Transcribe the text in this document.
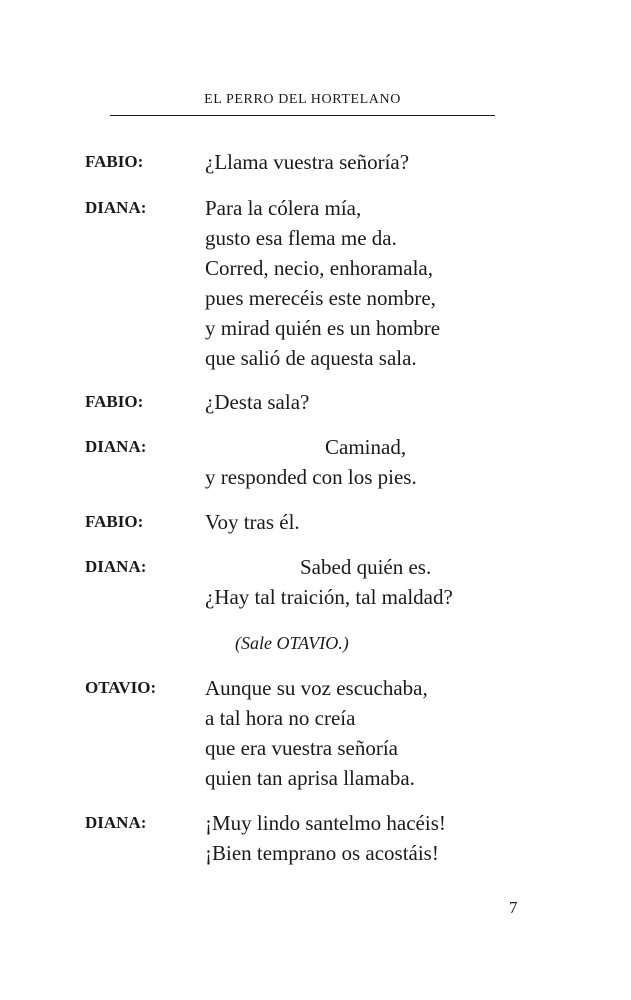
EL PERRO DEL HORTELANO
FABIO:	¿Llama vuestra señoría?
DIANA:	Para la cólera mía,
gusto esa flema me da.
Corred, necio, enhoramala,
pues merecéis este nombre,
y mirad quién es un hombre
que salió de aquesta sala.
FABIO:	¿Desta sala?
DIANA:	Caminad,
y responded con los pies.
FABIO:	Voy tras él.
DIANA:	Sabed quién es.
¿Hay tal traición, tal maldad?
(Sale OTAVIO.)
OTAVIO: Aunque su voz escuchaba,
a tal hora no creía
que era vuestra señoría
quien tan aprisa llamaba.
DIANA:	¡Muy lindo santelmo hacéis!
¡Bien temprano os acostáis!
7
